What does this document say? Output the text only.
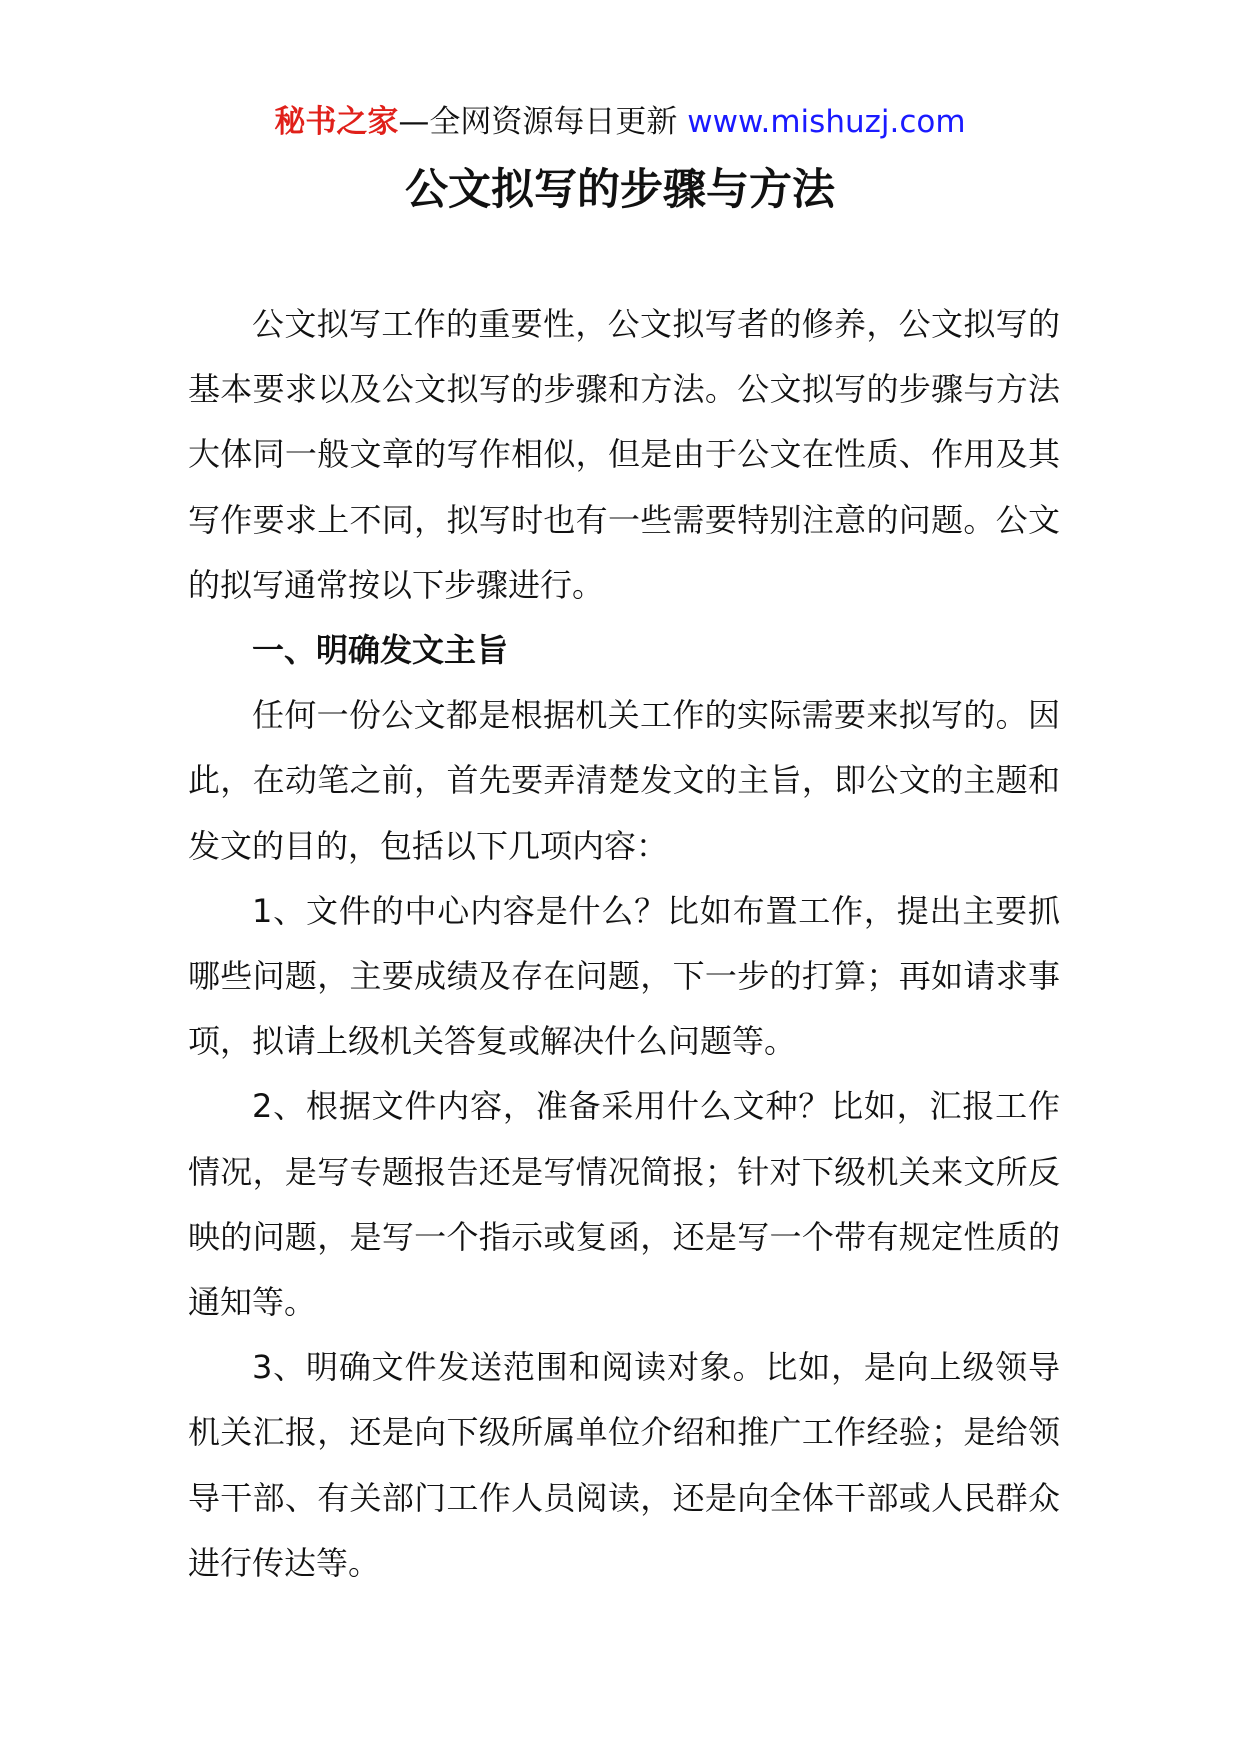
秘书之家—全网资源每日更新 www.mishuzj.com
公文拟写的步骤与方法

公文拟写工作的重要性，公文拟写者的修养，公文拟写的基本要求以及公文拟写的步骤和方法。公文拟写的步骤与方法大体同一般文章的写作相似，但是由于公文在性质、作用及其写作要求上不同，拟写时也有一些需要特别注意的问题。公文的拟写通常按以下步骤进行。

一、明确发文主旨

任何一份公文都是根据机关工作的实际需要来拟写的。因此，在动笔之前，首先要弄清楚发文的主旨，即公文的主题和发文的目的，包括以下几项内容：

1、文件的中心内容是什么？比如布置工作，提出主要抓哪些问题，主要成绩及存在问题，下一步的打算；再如请求事项，拟请上级机关答复或解决什么问题等。

2、根据文件内容，准备采用什么文种？比如，汇报工作情况，是写专题报告还是写情况简报；针对下级机关来文所反映的问题，是写一个指示或复函，还是写一个带有规定性质的通知等。

3、明确文件发送范围和阅读对象。比如，是向上级领导机关汇报，还是向下级所属单位介绍和推广工作经验；是给领导干部、有关部门工作人员阅读，还是向全体干部或人民群众进行传达等。
